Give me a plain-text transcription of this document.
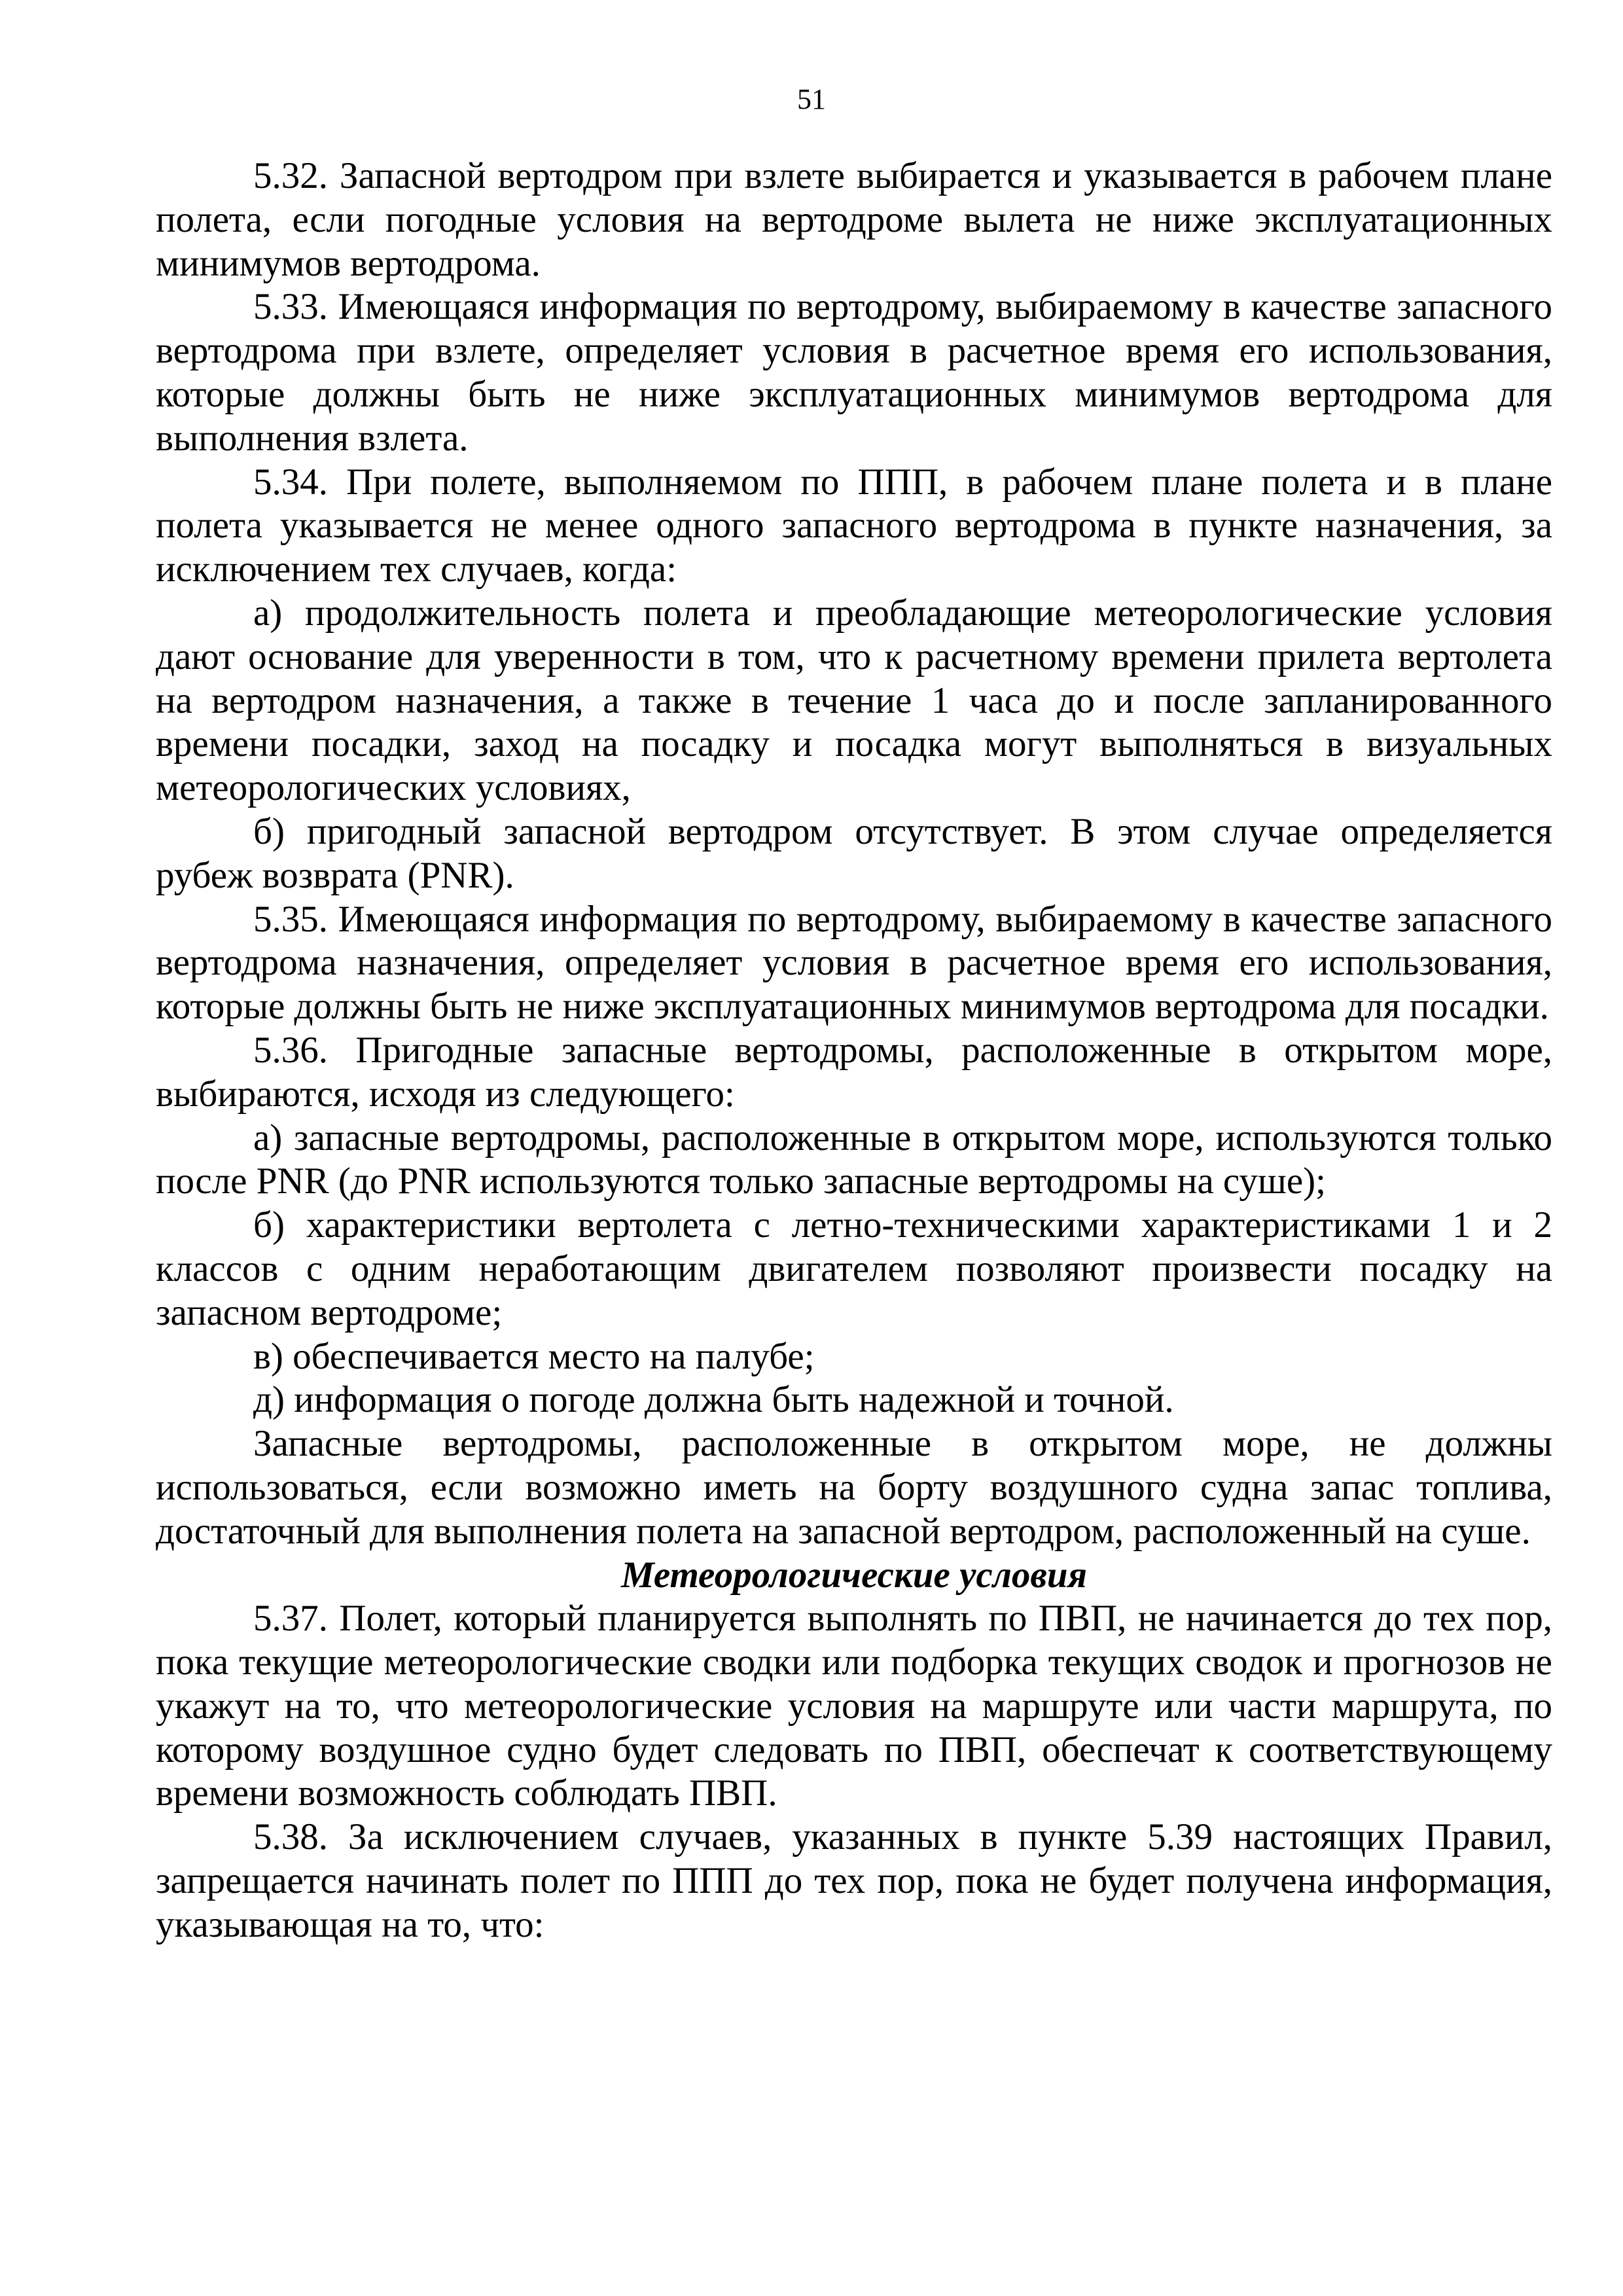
51

5.32. Запасной вертодром при взлете выбирается и указывается в рабочем плане полета, если погодные условия на вертодроме вылета не ниже эксплуатационных минимумов вертодрома.

5.33. Имеющаяся информация по вертодрому, выбираемому в качестве запасного вертодрома при взлете, определяет условия в расчетное время его использования, которые должны быть не ниже эксплуатационных минимумов вертодрома для выполнения взлета.

5.34. При полете, выполняемом по ППП, в рабочем плане полета и в плане полета указывается не менее одного запасного вертодрома в пункте назначения, за исключением тех случаев, когда:

а) продолжительность полета и преобладающие метеорологические условия дают основание для уверенности в том, что к расчетному времени прилета вертолета на вертодром назначения, а также в течение 1 часа до и после запланированного времени посадки, заход на посадку и посадка могут выполняться в визуальных метеорологических условиях,

б) пригодный запасной вертодром отсутствует. В этом случае определяется рубеж возврата (PNR).

5.35. Имеющаяся информация по вертодрому, выбираемому в качестве запасного вертодрома назначения, определяет условия в расчетное время его использования, которые должны быть не ниже эксплуатационных минимумов вертодрома для посадки.

5.36. Пригодные запасные вертодромы, расположенные в открытом море, выбираются, исходя из следующего:

а) запасные вертодромы, расположенные в открытом море, используются только после PNR (до PNR используются только запасные вертодромы на суше);

б) характеристики вертолета с летно-техническими характеристиками 1 и 2 классов с одним неработающим двигателем позволяют произвести посадку на запасном вертодроме;

в) обеспечивается место на палубе;

д) информация о погоде должна быть надежной и точной.

Запасные вертодромы, расположенные в открытом море, не должны использоваться, если возможно иметь на борту воздушного судна запас топлива, достаточный для выполнения полета на запасной вертодром, расположенный на суше.

Метеорологические условия

5.37. Полет, который планируется выполнять по ПВП, не начинается до тех пор, пока текущие метеорологические сводки или подборка текущих сводок и прогнозов не укажут на то, что метеорологические условия на маршруте или части маршрута, по которому воздушное судно будет следовать по ПВП, обеспечат к соответствующему времени возможность соблюдать ПВП.

5.38. За исключением случаев, указанных в пункте 5.39 настоящих Правил, запрещается начинать полет по ППП до тех пор, пока не будет получена информация, указывающая на то, что:
